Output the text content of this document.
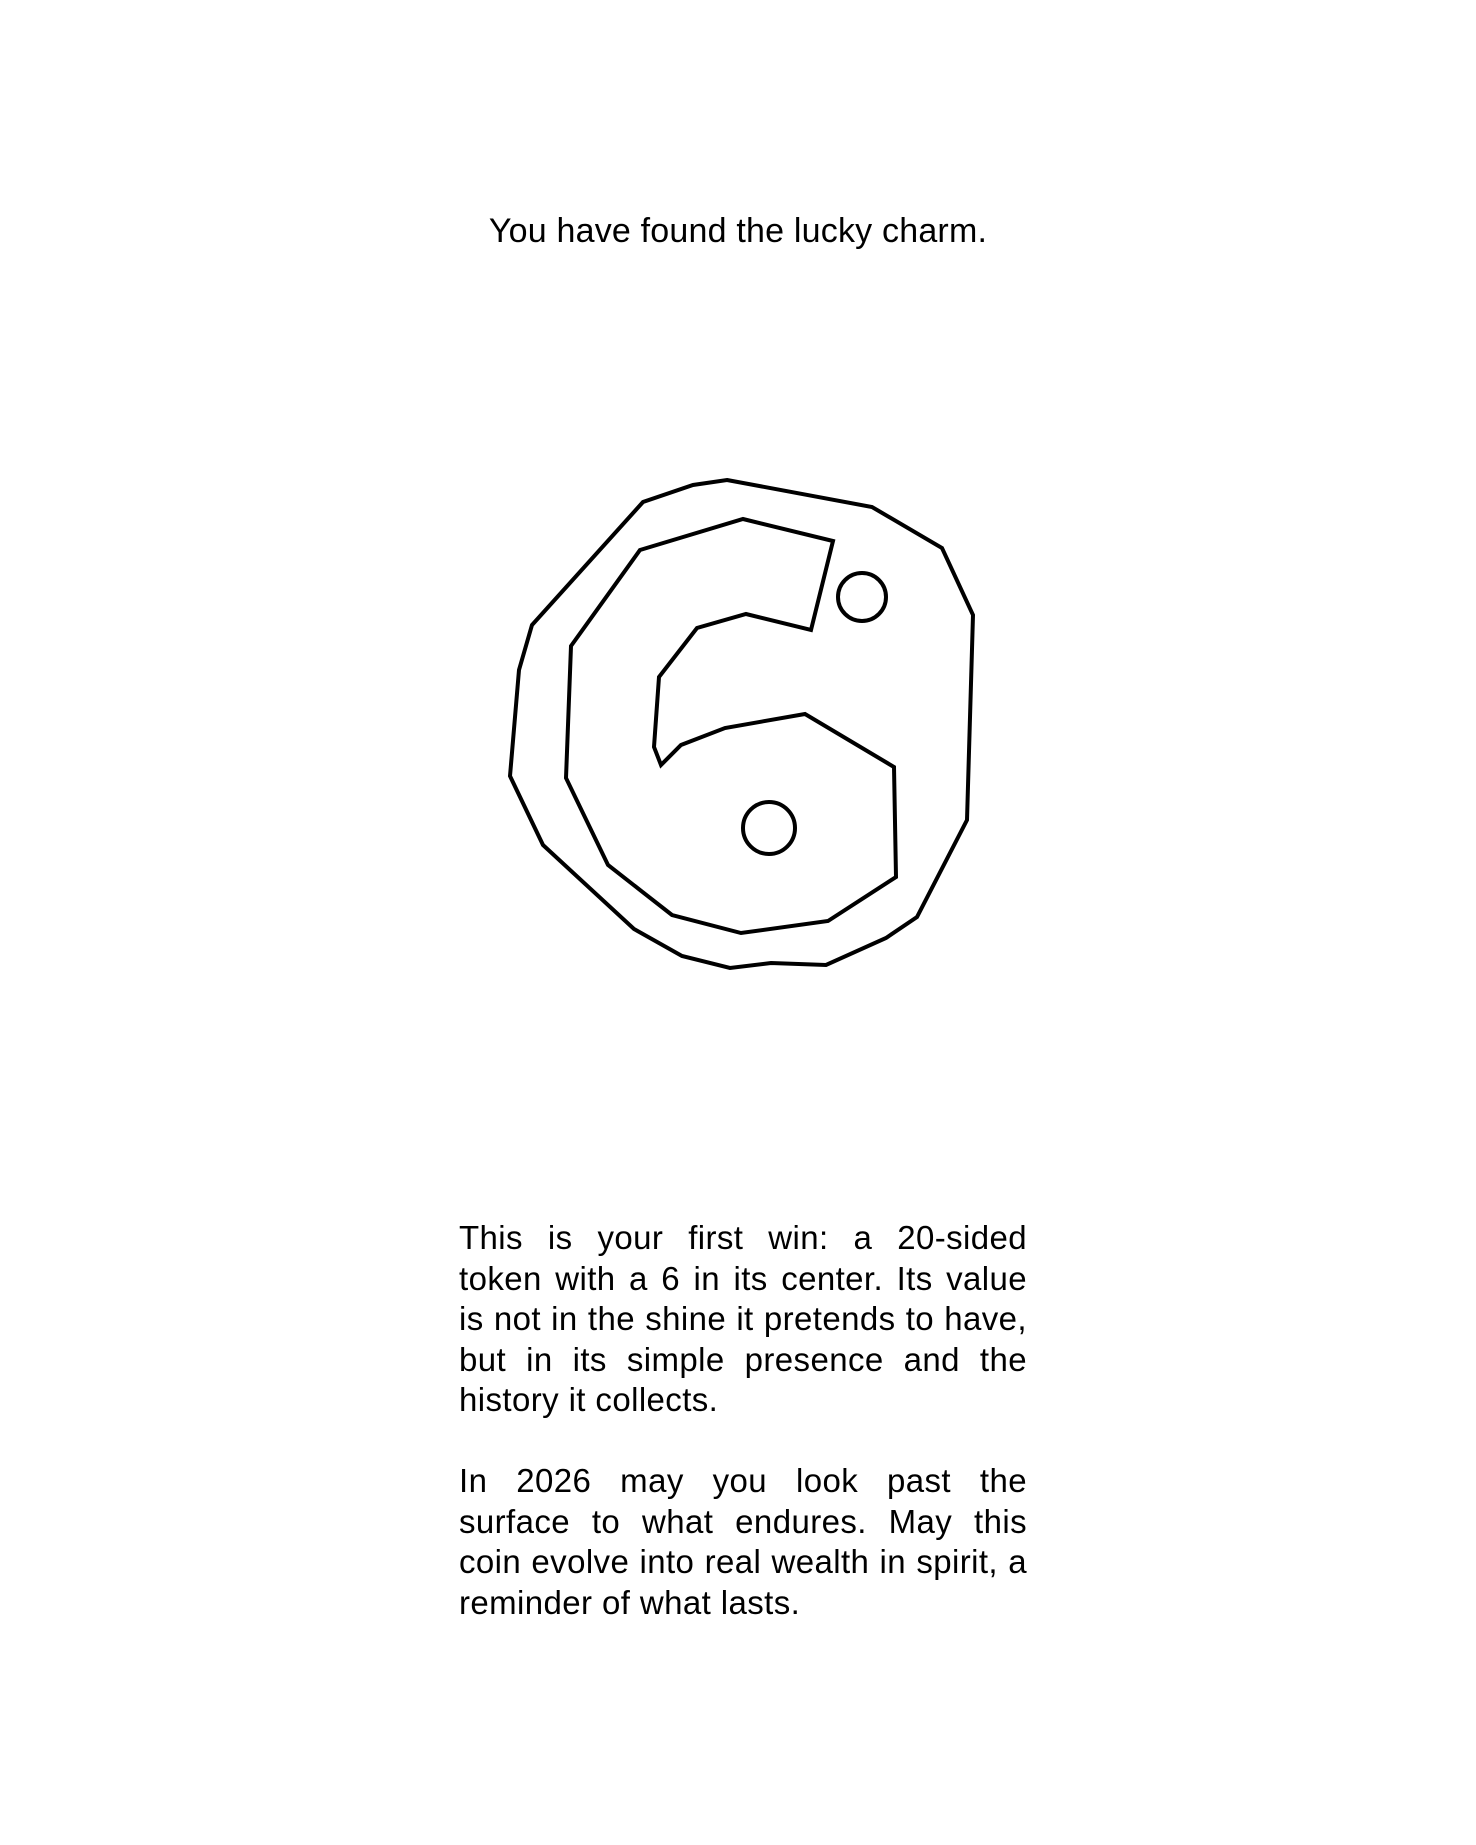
You have found the lucky charm.

This is your first win: a 20-sided token with a 6 in its center. Its value is not in the shine it pretends to have, but in its simple presence and the history it collects.

In 2026 may you look past the surface to what endures. May this coin evolve into real wealth in spirit, a reminder of what lasts.
